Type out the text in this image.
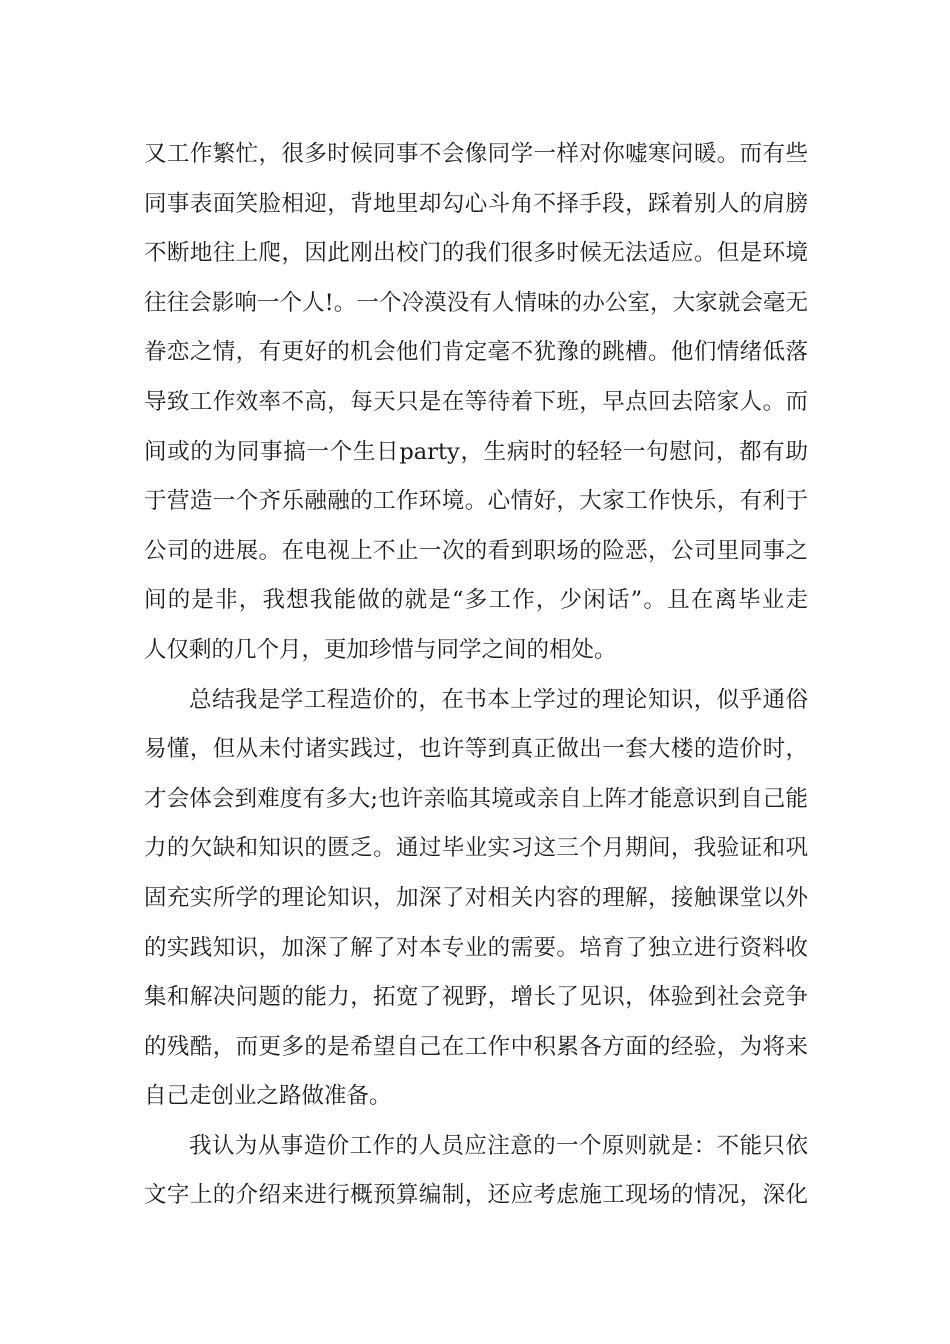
又工作繁忙，很多时候同事不会像同学一样对你嘘寒问暖。而有些
同事表面笑脸相迎，背地里却勾心斗角不择手段，踩着别人的肩膀
不断地往上爬，因此刚出校门的我们很多时候无法适应。但是环境
往往会影响一个人!。一个冷漠没有人情味的办公室，大家就会毫无
眷恋之情，有更好的机会他们肯定毫不犹豫的跳槽。他们情绪低落
导致工作效率不高，每天只是在等待着下班，早点回去陪家人。而
间或的为同事搞一个生日party，生病时的轻轻一句慰问，都有助
于营造一个齐乐融融的工作环境。心情好，大家工作快乐，有利于
公司的进展。在电视上不止一次的看到职场的险恶，公司里同事之
间的是非，我想我能做的就是“多工作，少闲话”。且在离毕业走
人仅剩的几个月，更加珍惜与同学之间的相处。
总结我是学工程造价的，在书本上学过的理论知识，似乎通俗
易懂，但从未付诸实践过，也许等到真正做出一套大楼的造价时，
才会体会到难度有多大;也许亲临其境或亲自上阵才能意识到自己能
力的欠缺和知识的匮乏。通过毕业实习这三个月期间，我验证和巩
固充实所学的理论知识，加深了对相关内容的理解，接触课堂以外
的实践知识，加深了解了对本专业的需要。培育了独立进行资料收
集和解决问题的能力，拓宽了视野，增长了见识，体验到社会竞争
的残酷，而更多的是希望自己在工作中积累各方面的经验，为将来
自己走创业之路做准备。
我认为从事造价工作的人员应注意的一个原则就是：不能只依
文字上的介绍来进行概预算编制，还应考虑施工现场的情况，深化
